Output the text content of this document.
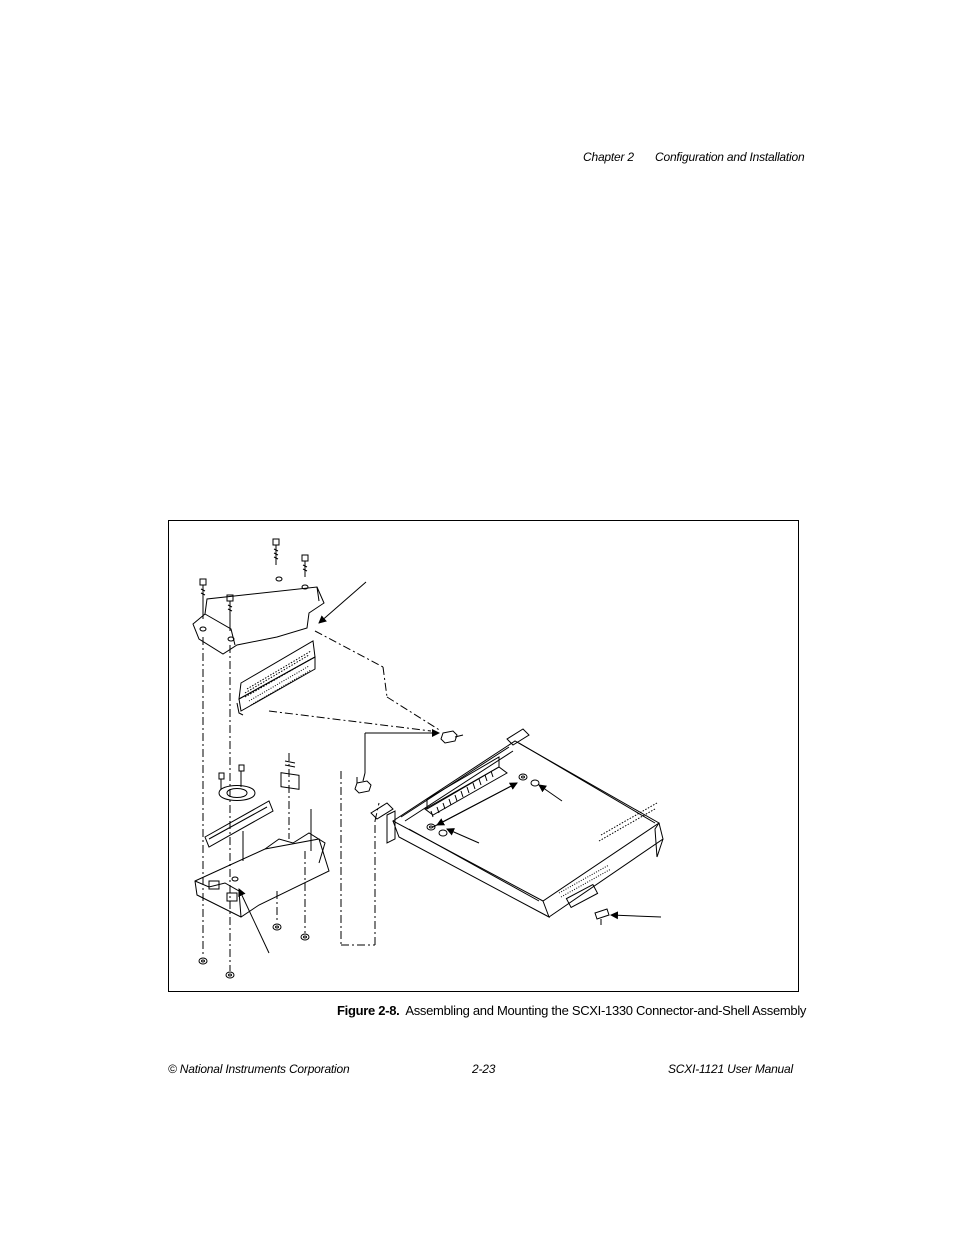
Chapter 2 Configuration and Installation
Figure 2-8. Assembling and Mounting the SCXI-1330 Connector-and-Shell Assembly
© National Instruments Corporation	2-23	SCXI-1121 User Manual
